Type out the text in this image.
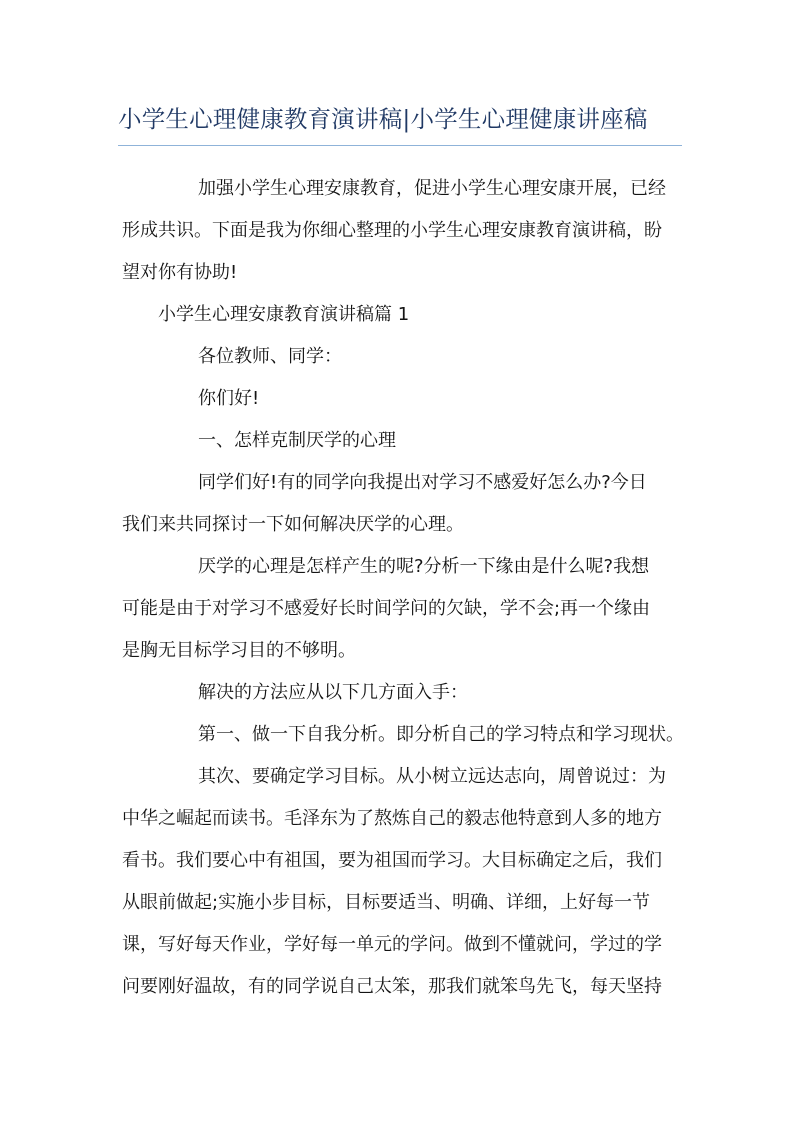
小学生心理健康教育演讲稿|小学生心理健康讲座稿
加强小学生心理安康教育，促进小学生心理安康开展，已经
形成共识。下面是我为你细心整理的小学生心理安康教育演讲稿，盼
望对你有协助!
小学生心理安康教育演讲稿篇 1
各位教师、同学：
你们好!
一、怎样克制厌学的心理
同学们好!有的同学向我提出对学习不感爱好怎么办?今日
我们来共同探讨一下如何解决厌学的心理。
厌学的心理是怎样产生的呢?分析一下缘由是什么呢?我想
可能是由于对学习不感爱好长时间学问的欠缺，学不会;再一个缘由
是胸无目标学习目的不够明。
解决的方法应从以下几方面入手：
第一、做一下自我分析。即分析自己的学习特点和学习现状。
其次、要确定学习目标。从小树立远达志向，周曾说过：为
中华之崛起而读书。毛泽东为了熬炼自己的毅志他特意到人多的地方
看书。我们要心中有祖国，要为祖国而学习。大目标确定之后，我们
从眼前做起;实施小步目标，目标要适当、明确、详细，上好每一节
课，写好每天作业，学好每一单元的学问。做到不懂就问，学过的学
问要刚好温故，有的同学说自己太笨，那我们就笨鸟先飞，每天坚持
